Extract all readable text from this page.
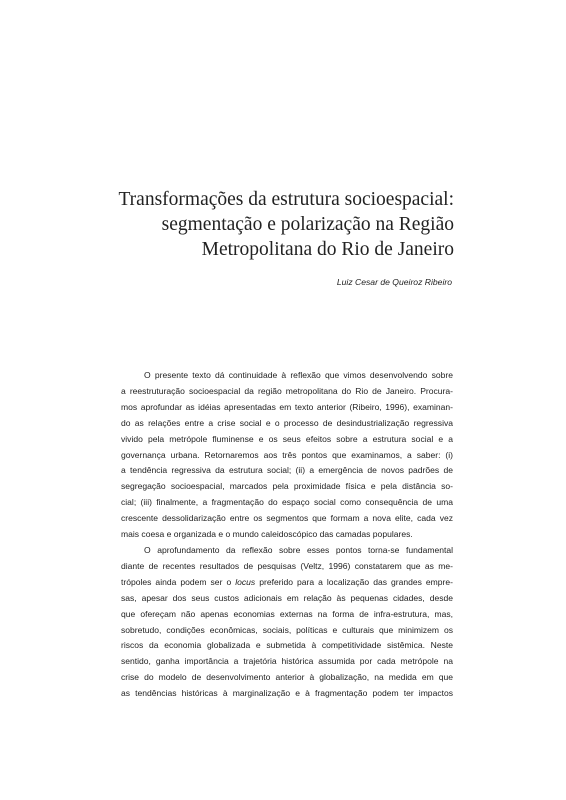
Transformações da estrutura socioespacial:
segmentação e polarização na Região
Metropolitana do Rio de Janeiro
Luiz Cesar de Queiroz Ribeiro
O presente texto dá continuidade à reflexão que vimos desenvolvendo sobre
a reestruturação socioespacial da região metropolitana do Rio de Janeiro. Procura-
mos aprofundar as idéias apresentadas em texto anterior (Ribeiro, 1996), examinan-
do as relações entre a crise social e o processo de desindustrialização regressiva
vivido pela metrópole fluminense e os seus efeitos sobre a estrutura social e a
governança urbana. Retornaremos aos três pontos que examinamos, a saber: (i)
a tendência regressiva da estrutura social; (ii) a emergência de novos padrões de
segregação socioespacial, marcados pela proximidade física e pela distância so-
cial; (iii) finalmente, a fragmentação do espaço social como consequência de uma
crescente dessolidarização entre os segmentos que formam a nova elite, cada vez
mais coesa e organizada e o mundo caleidoscópico das camadas populares.
O aprofundamento da reflexão sobre esses pontos torna-se fundamental
diante de recentes resultados de pesquisas (Veltz, 1996) constatarem que as me-
trópoles ainda podem ser o locus preferido para a localização das grandes empre-
sas, apesar dos seus custos adicionais em relação às pequenas cidades, desde
que ofereçam não apenas economias externas na forma de infra-estrutura, mas,
sobretudo, condições econômicas, sociais, políticas e culturais que minimizem os
riscos da economia globalizada e submetida à competitividade sistêmica. Neste
sentido, ganha importância a trajetória histórica assumida por cada metrópole na
crise do modelo de desenvolvimento anterior à globalização, na medida em que
as tendências históricas à marginalização e à fragmentação podem ter impactos
